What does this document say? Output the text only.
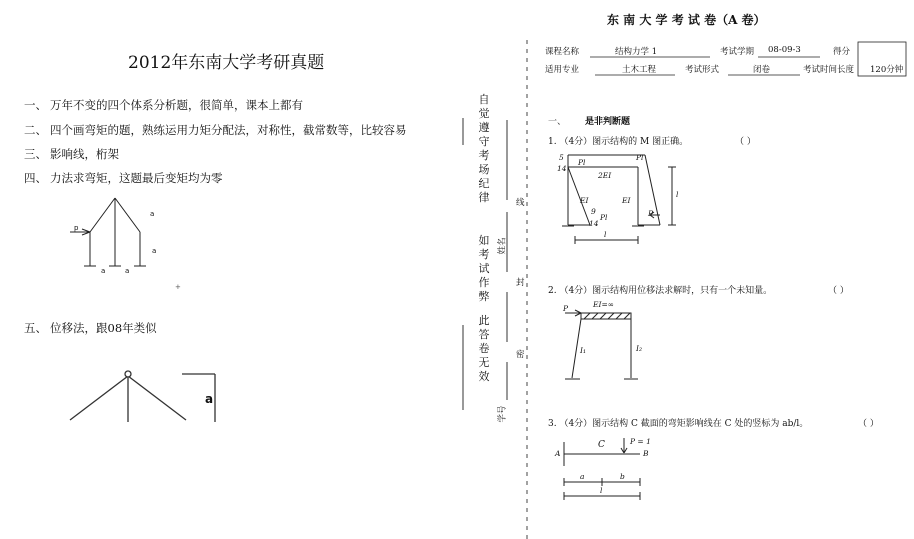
2012年东南大学考研真题
一、 万年不变的四个体系分析题，很简单，课本上都有
二、 四个画弯矩的题，熟练运用力矩分配法，对称性，截常数等，比较容易
三、 影响线，桁架
四、 力法求弯矩，这题最后变矩均为零
五、 位移法，跟08年类似
+
p
a
a
a	a
a
自
觉
遵
守
考
场
纪
律
如
考
试
作
弊
此
答
卷
无
效
线
封
密
姓名
学号
东 南 大 学 考 试 卷（A 卷）
课程名称	结构力学 1	考试学期 08-09-3	得分
适用专业	土木工程	考试形式	闭卷	考试时间长度 120分钟
一、 是非判断题
1. （4分）图示结构的 M 图正确。	（ ）
5
14
Pl
Pl
2EI
EI	EI
9
14
Pl	P
l
l
2. （4分）图示结构用位移法求解时，只有一个未知量。	（ ）
EI=∞
P
I₁	I₂
3. （4分）图示结构 C 截面的弯矩影响线在 C 处的竖标为 ab/l。	（ ）
P = 1
C
A	B
a	b
l
